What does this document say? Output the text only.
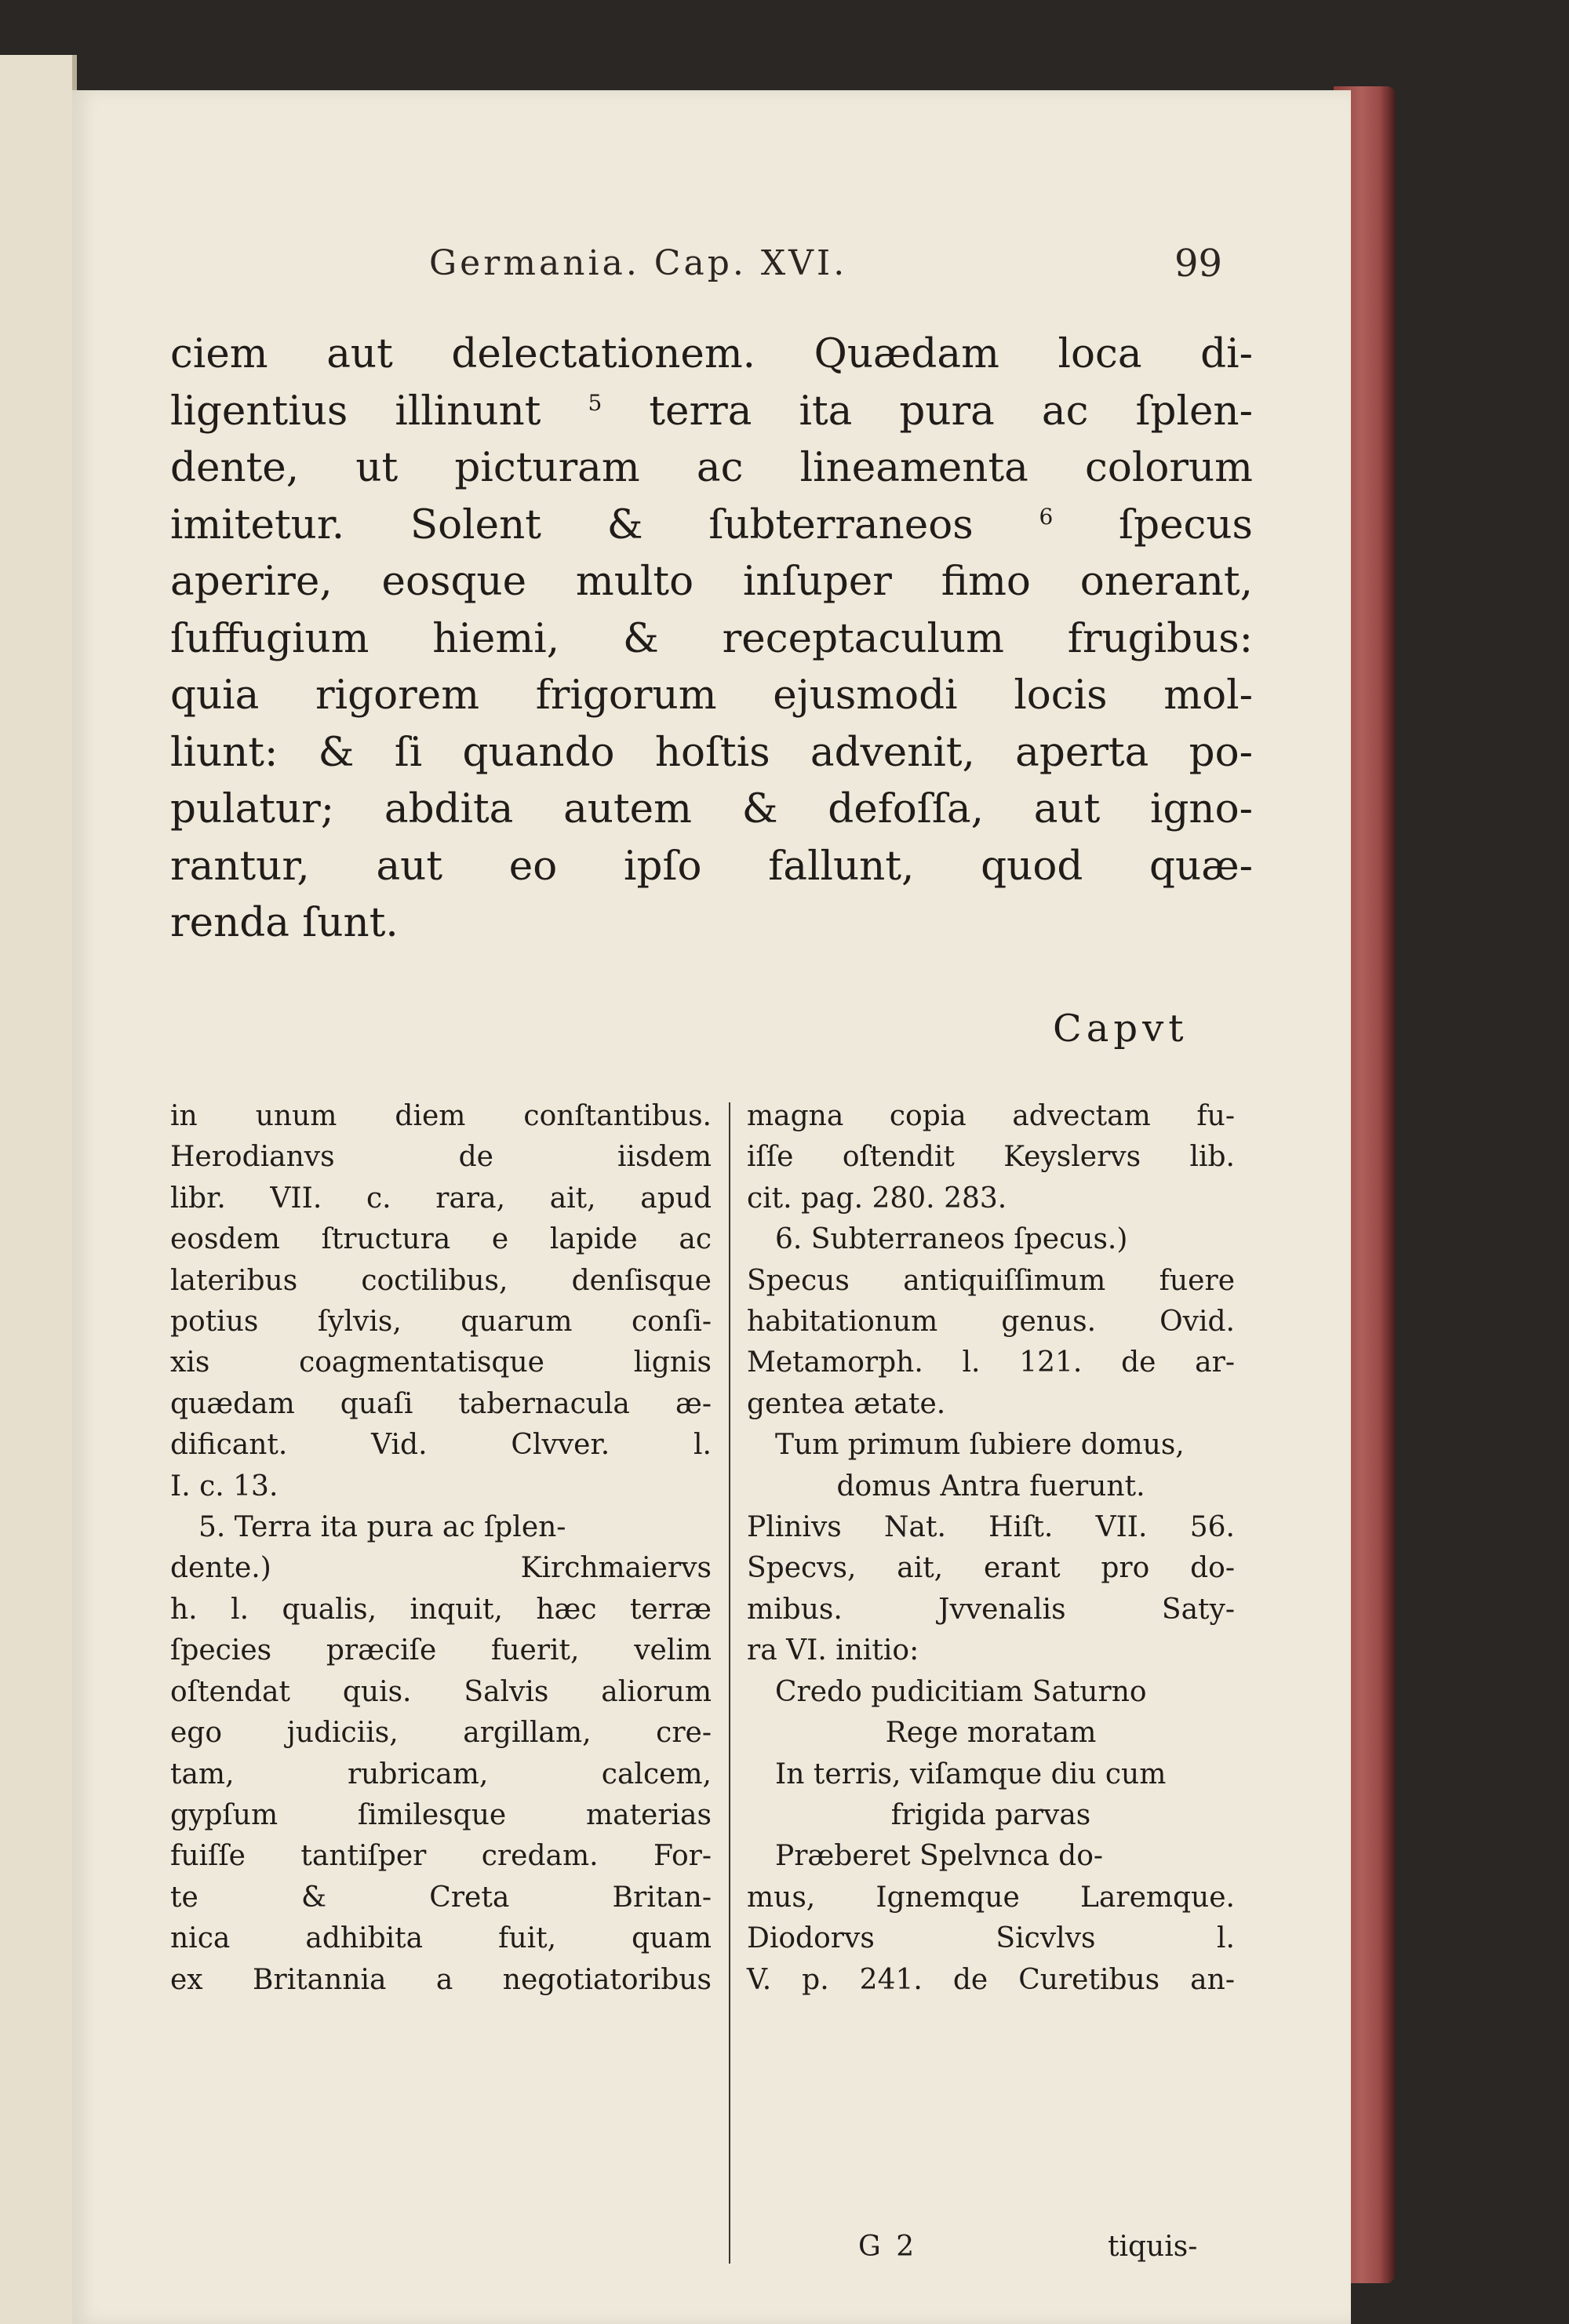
Germania. Cap. XVI.	99
ciem aut delectationem. Quædam loca di-
ligentius illinunt $^5$ terra ita pura ac ſplen-
dente, ut picturam ac lineamenta colorum
imitetur. Solent & ſubterraneos $^6$ ſpecus
aperire, eosque multo inſuper fimo onerant,
ſuffugium hiemi, & receptaculum frugibus:
quia rigorem frigorum ejusmodi locis mol-
liunt: & ſi quando hoſtis advenit, aperta po-
pulatur; abdita autem & defoſſa, aut igno-
rantur, aut eo ipſo fallunt, quod quæ-
renda ſunt.
Capvt
in unum diem conſtantibus.
Herodianvs de iisdem
libr. VII. c. rara, ait, apud
eosdem ſtructura e lapide ac
lateribus coctilibus, denſisque
potius ſylvis, quarum conſi-
xis coagmentatisque lignis
quædam quaſi tabernacula æ-
dificant. Vid. Clvver. l.
I. c. 13.
5. Terra ita pura ac ſplen-
dente.) Kirchmaiervs
h. l. qualis, inquit, hæc terræ
ſpecies præciſe fuerit, velim
oſtendat quis. Salvis aliorum
ego judiciis, argillam, cre-
tam, rubricam, calcem,
gypſum ſimilesque materias
fuiſſe tantiſper credam. For-
te & Creta Britan-
nica adhibita fuit, quam
ex Britannia a negotiatoribus
magna copia advectam fu-
iſſe oſtendit Keyslervs lib.
cit. pag. 280. 283.
6. Subterraneos ſpecus.)
Specus antiquiſſimum fuere
habitationum genus. Ovid.
Metamorph. l. 121. de ar-
gentea ætate.
Tum primum ſubiere domus,
domus Antra fuerunt.
Plinivs Nat. Hiſt. VII. 56.
Specvs, ait, erant pro do-
mibus. Jvvenalis Saty-
ra VI. initio:
Credo pudicitiam Saturno
Rege moratam
In terris, viſamque diu cum
frigida parvas
Præberet Spelvnca do-
mus, Ignemque Laremque.
Diodorvs Sicvlvs l.
V. p. 241. de Curetibus an-
G 2	tiquis-
